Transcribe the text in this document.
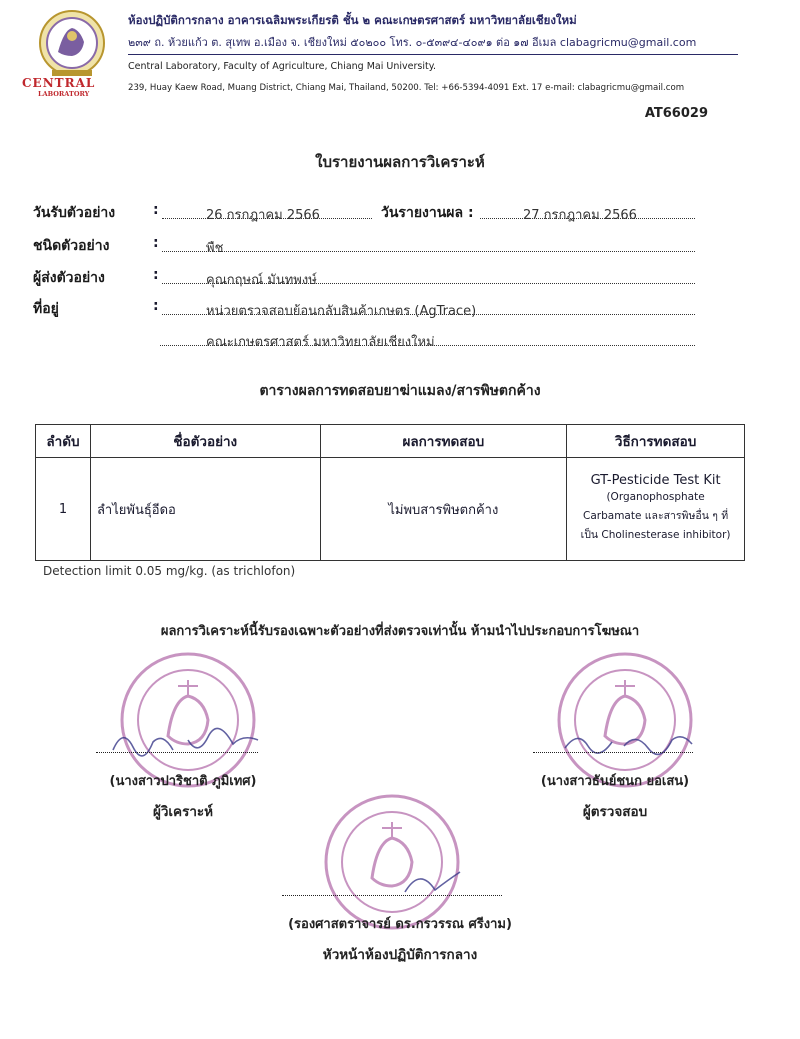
CENTRAL
LABORATORY
ห้องปฏิบัติการกลาง อาคารเฉลิมพระเกียรติ ชั้น ๒ คณะเกษตรศาสตร์ มหาวิทยาลัยเชียงใหม่
๒๓๙ ถ. ห้วยแก้ว ต. สุเทพ อ.เมือง จ. เชียงใหม่ ๕๐๒๐๐ โทร. ๐-๕๓๙๔-๔๐๙๑ ต่อ ๑๗ อีเมล clabagricmu@gmail.com
Central Laboratory, Faculty of Agriculture, Chiang Mai University.
239, Huay Kaew Road, Muang District, Chiang Mai, Thailand, 50200. Tel: +66-5394-4091 Ext. 17 e-mail: clabagricmu@gmail.com
AT66029
ใบรายงานผลการวิเคราะห์
วันรับตัวอย่าง	:	26 กรกฎาคม 2566	วันรายงานผล :	27 กรกฎาคม 2566
ชนิดตัวอย่าง	:	พืช
ผู้ส่งตัวอย่าง	:	คุณกฤษณ์ มันทพงษ์
ที่อยู่	:	หน่วยตรวจสอบย้อนกลับสินค้าเกษตร (AgTrace)
คณะเกษตรศาสตร์ มหาวิทยาลัยเชียงใหม่
ตารางผลการทดสอบยาฆ่าแมลง/สารพิษตกค้าง
ลำดับ	ชื่อตัวอย่าง	ผลการทดสอบ	วิธีการทดสอบ
1	ลำไยพันธุ์อีดอ	ไม่พบสารพิษตกค้าง	GT-Pesticide Test Kit
(Organophosphate
Carbamate และสารพิษอื่น ๆ ที่
เป็น Cholinesterase inhibitor)
Detection limit 0.05 mg/kg. (as trichlofon)
ผลการวิเคราะห์นี้รับรองเฉพาะตัวอย่างที่ส่งตรวจเท่านั้น ห้ามนำไปประกอบการโฆษณา
(นางสาวปาริชาติ ภูมิเทศ)
ผู้วิเคราะห์
(นางสาวธันย์ชนก ยอเสน)
ผู้ตรวจสอบ
(รองศาสตราจารย์ ดร.กรวรรณ ศรีงาม)
หัวหน้าห้องปฏิบัติการกลาง
